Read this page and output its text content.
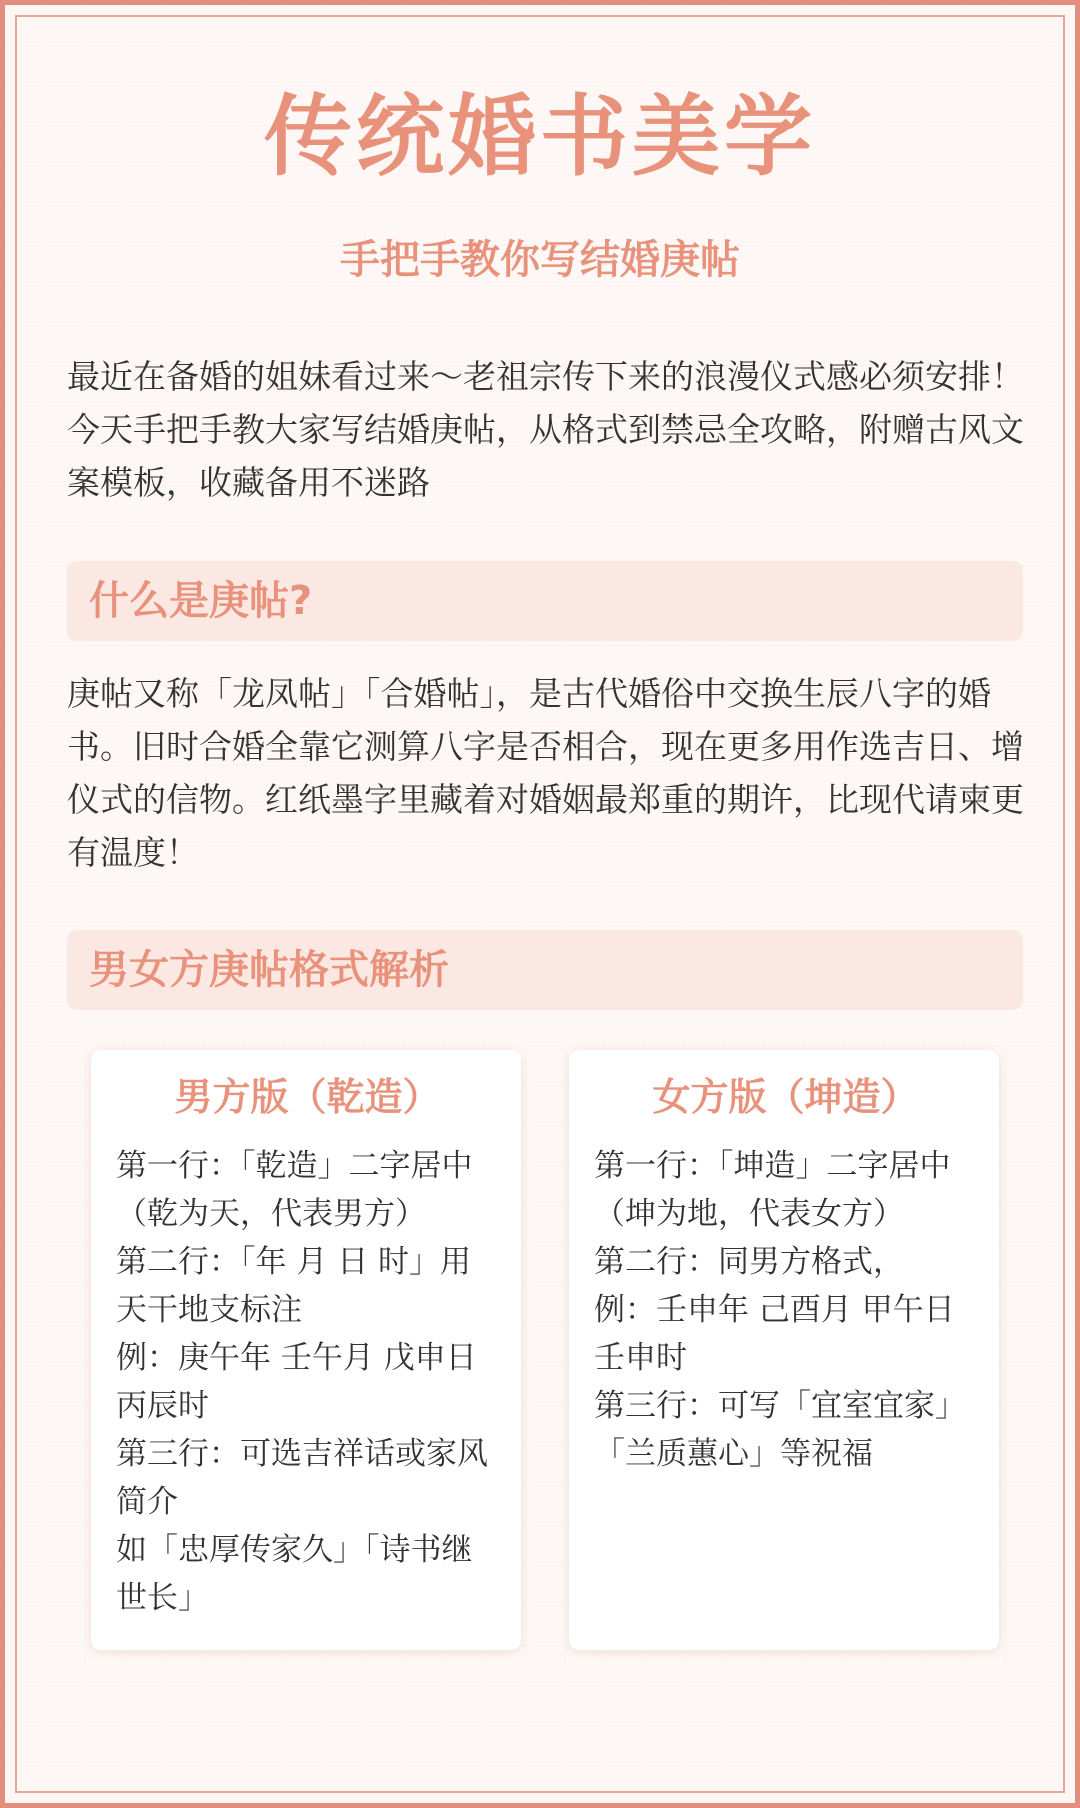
传统婚书美学
手把手教你写结婚庚帖

最近在备婚的姐妹看过来～老祖宗传下来的浪漫仪式感必须安排！今天手把手教大家写结婚庚帖，从格式到禁忌全攻略，附赠古风文案模板，收藏备用不迷路

什么是庚帖?

庚帖又称「龙凤帖」「合婚帖」，是古代婚俗中交换生辰八字的婚书。旧时合婚全靠它测算八字是否相合，现在更多用作选吉日、增仪式的信物。红纸墨字里藏着对婚姻最郑重的期许，比现代请柬更有温度！

男女方庚帖格式解析
男方版（乾造）

第一行：「乾造」二字居中（乾为天，代表男方）

第二行：「年 月 日 时」用天干地支标注

例：庚午年 壬午月 戊申日 丙辰时

第三行：可选吉祥话或家风简介

如「忠厚传家久」「诗书继世长」

女方版（坤造）

第一行：「坤造」二字居中（坤为地，代表女方）

第二行：同男方格式，

例：壬申年 己酉月 甲午日 壬申时

第三行：可写「宜室宜家」「兰质蕙心」等祝福
